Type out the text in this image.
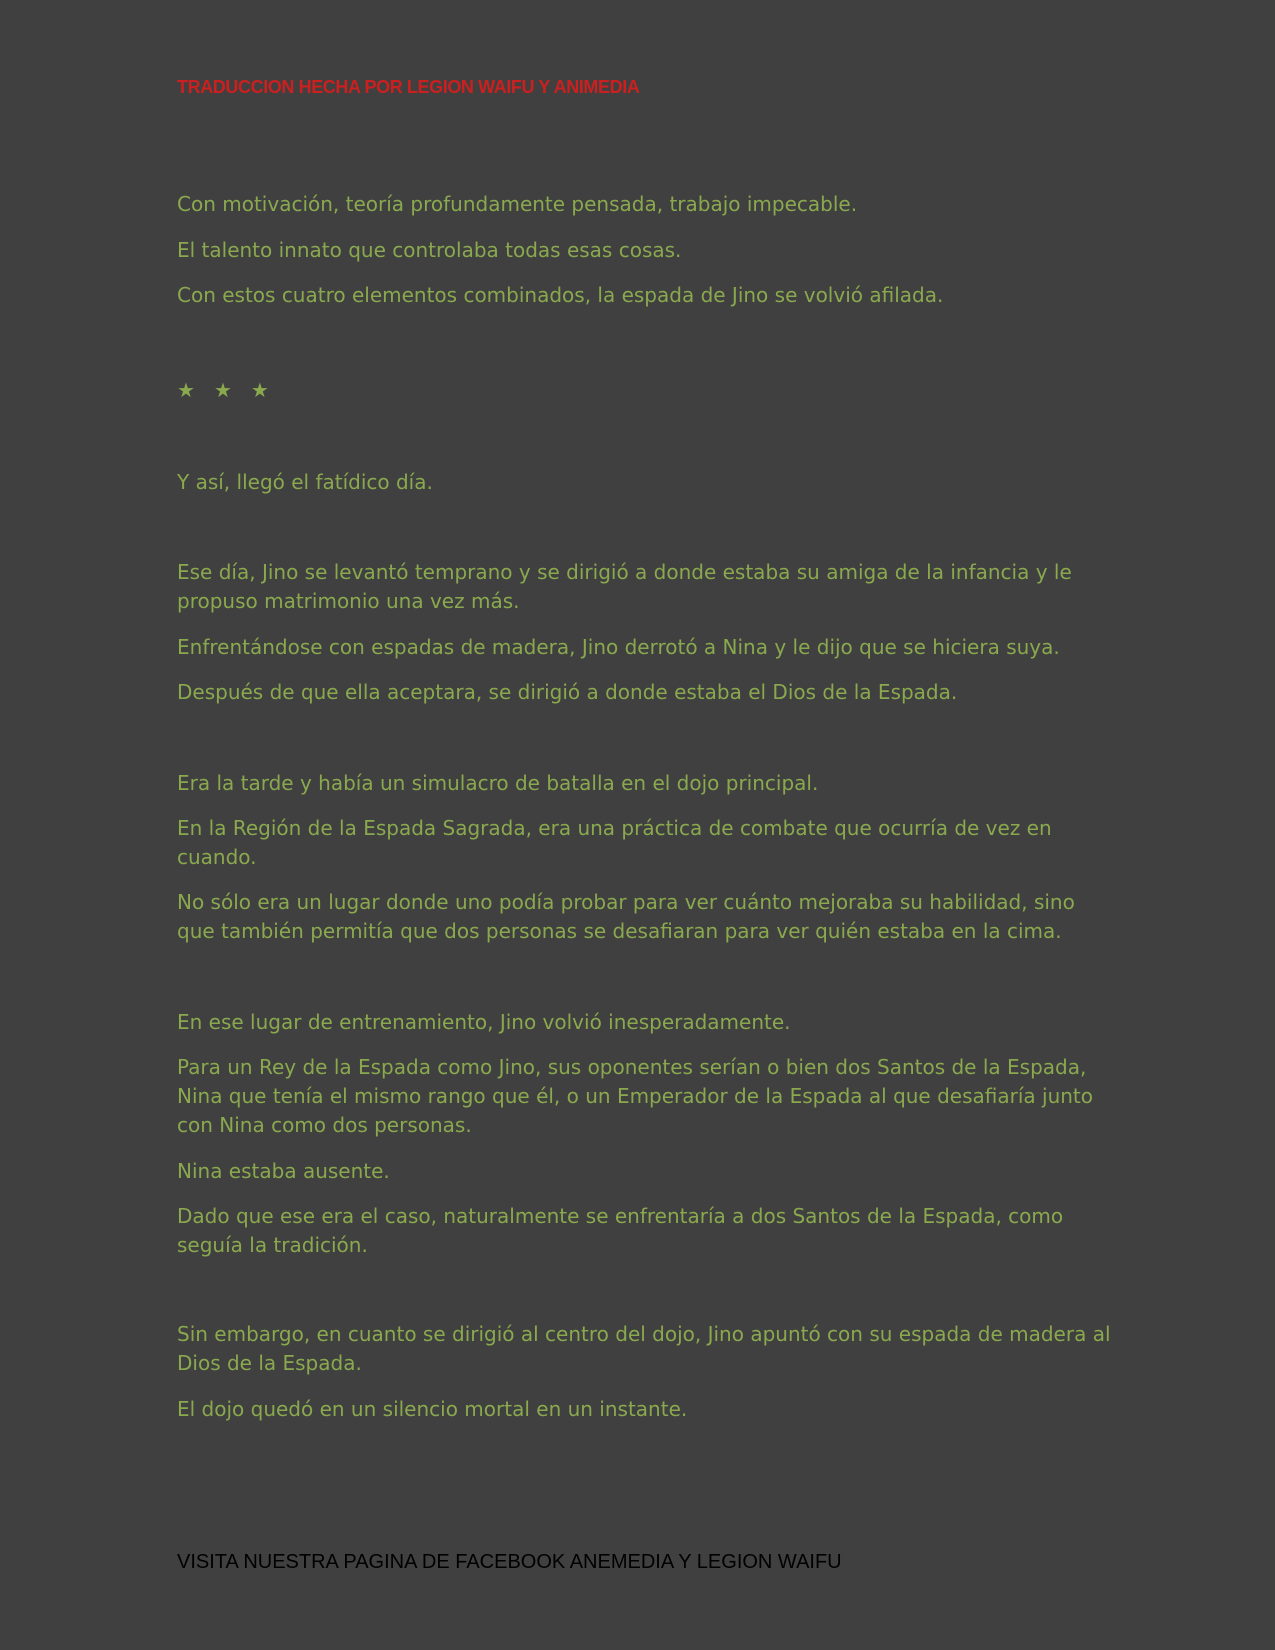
TRADUCCION HECHA POR LEGION WAIFU Y ANIMEDIA

Con motivación, teoría profundamente pensada, trabajo impecable.

El talento innato que controlaba todas esas cosas.

Con estos cuatro elementos combinados, la espada de Jino se volvió afilada.

★ ★ ★

Y así, llegó el fatídico día.

Ese día, Jino se levantó temprano y se dirigió a donde estaba su amiga de la infancia y le propuso matrimonio una vez más.

Enfrentándose con espadas de madera, Jino derrotó a Nina y le dijo que se hiciera suya.

Después de que ella aceptara, se dirigió a donde estaba el Dios de la Espada.

Era la tarde y había un simulacro de batalla en el dojo principal.

En la Región de la Espada Sagrada, era una práctica de combate que ocurría de vez en cuando.

No sólo era un lugar donde uno podía probar para ver cuánto mejoraba su habilidad, sino que también permitía que dos personas se desafiaran para ver quién estaba en la cima.

En ese lugar de entrenamiento, Jino volvió inesperadamente.

Para un Rey de la Espada como Jino, sus oponentes serían o bien dos Santos de la Espada, Nina que tenía el mismo rango que él, o un Emperador de la Espada al que desafiaría junto con Nina como dos personas.

Nina estaba ausente.

Dado que ese era el caso, naturalmente se enfrentaría a dos Santos de la Espada, como seguía la tradición.

Sin embargo, en cuanto se dirigió al centro del dojo, Jino apuntó con su espada de madera al Dios de la Espada.

El dojo quedó en un silencio mortal en un instante.

VISITA NUESTRA PAGINA DE FACEBOOK ANEMEDIA Y LEGION WAIFU
